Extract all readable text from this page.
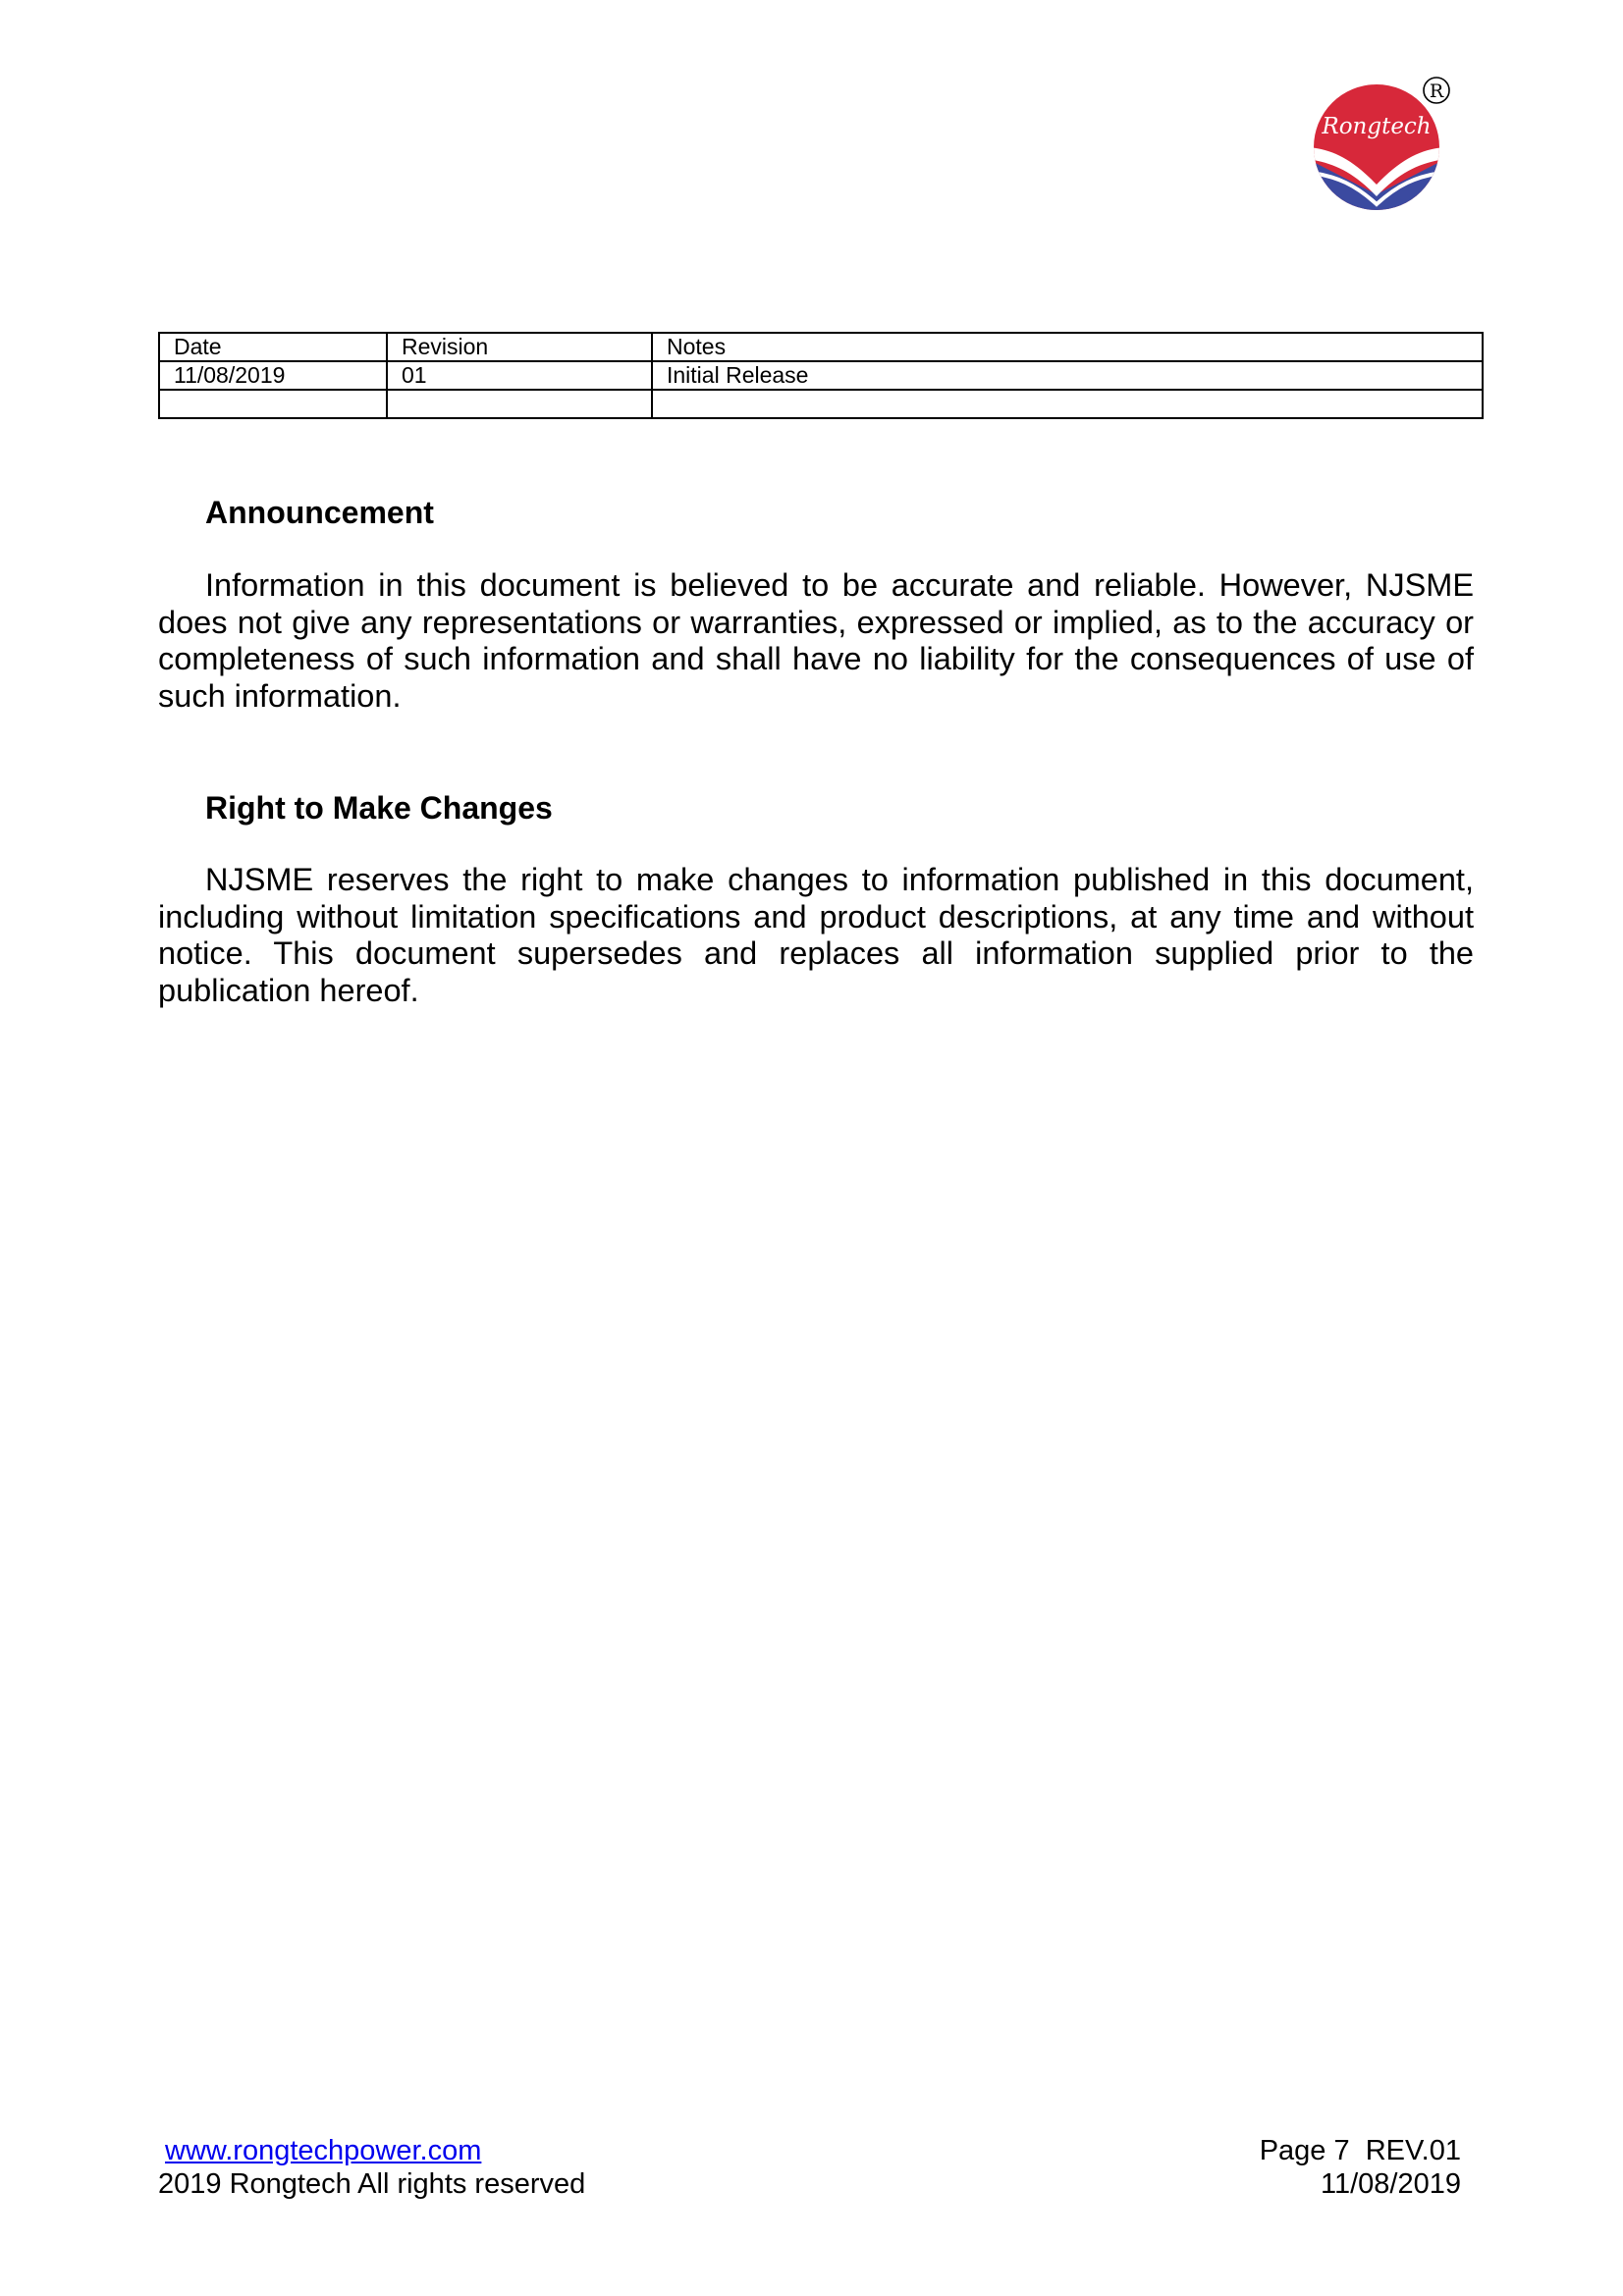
Rongtech
R
Date	Revision	Notes
11/08/2019	01	Initial Release

Announcement

Information in this document is believed to be accurate and reliable. However, NJSME does not give any representations or warranties, expressed or implied, as to the accuracy or completeness of such information and shall have no liability for the consequences of use of such information.

Right to Make Changes

NJSME reserves the right to make changes to information published in this document, including without limitation specifications and product descriptions, at any time and without notice. This document supersedes and replaces all information supplied prior to the publication hereof.

www.rongtechpower.com
2019 Rongtech All rights reserved
Page 7  REV.01
11/08/2019
